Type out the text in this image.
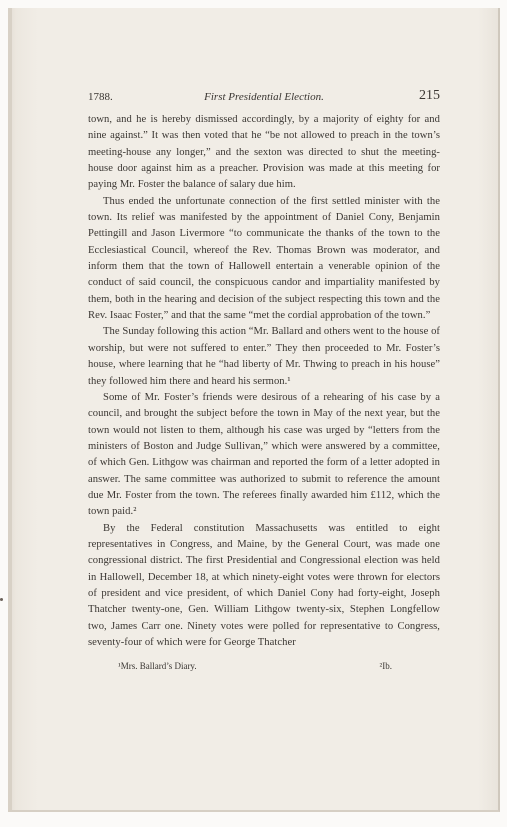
1788.	First Presidential Election.	215

town, and he is hereby dismissed accordingly, by a majority of eighty for and nine against.” It was then voted that he “be not allowed to preach in the town’s meeting-house any longer,” and the sexton was directed to shut the meeting-house door against him as a preacher. Provision was made at this meeting for paying Mr. Foster the balance of salary due him.

Thus ended the unfortunate connection of the first settled minister with the town. Its relief was manifested by the appointment of Daniel Cony, Benjamin Pettingill and Jason Livermore “to communicate the thanks of the town to the Ecclesiastical Council, whereof the Rev. Thomas Brown was moderator, and inform them that the town of Hallowell entertain a venerable opinion of the conduct of said council, the conspicuous candor and impartiality manifested by them, both in the hearing and decision of the subject respecting this town and the Rev. Isaac Foster,” and that the same “met the cordial approbation of the town.”

The Sunday following this action “Mr. Ballard and others went to the house of worship, but were not suffered to enter.” They then proceeded to Mr. Foster’s house, where learning that he “had liberty of Mr. Thwing to preach in his house” they followed him there and heard his sermon.¹

Some of Mr. Foster’s friends were desirous of a rehearing of his case by a council, and brought the subject before the town in May of the next year, but the town would not listen to them, although his case was urged by “letters from the ministers of Boston and Judge Sullivan,” which were answered by a committee, of which Gen. Lithgow was chairman and reported the form of a letter adopted in answer. The same committee was authorized to submit to reference the amount due Mr. Foster from the town. The referees finally awarded him £112, which the town paid.²

By the Federal constitution Massachusetts was entitled to eight representatives in Congress, and Maine, by the General Court, was made one congressional district. The first Presidential and Congressional election was held in Hallowell, December 18, at which ninety-eight votes were thrown for electors of president and vice president, of which Daniel Cony had forty-eight, Joseph Thatcher twenty-one, Gen. William Lithgow twenty-six, Stephen Longfellow two, James Carr one. Ninety votes were polled for representative to Congress, seventy-four of which were for George Thatcher

¹Mrs. Ballard’s Diary.	²Ib.
